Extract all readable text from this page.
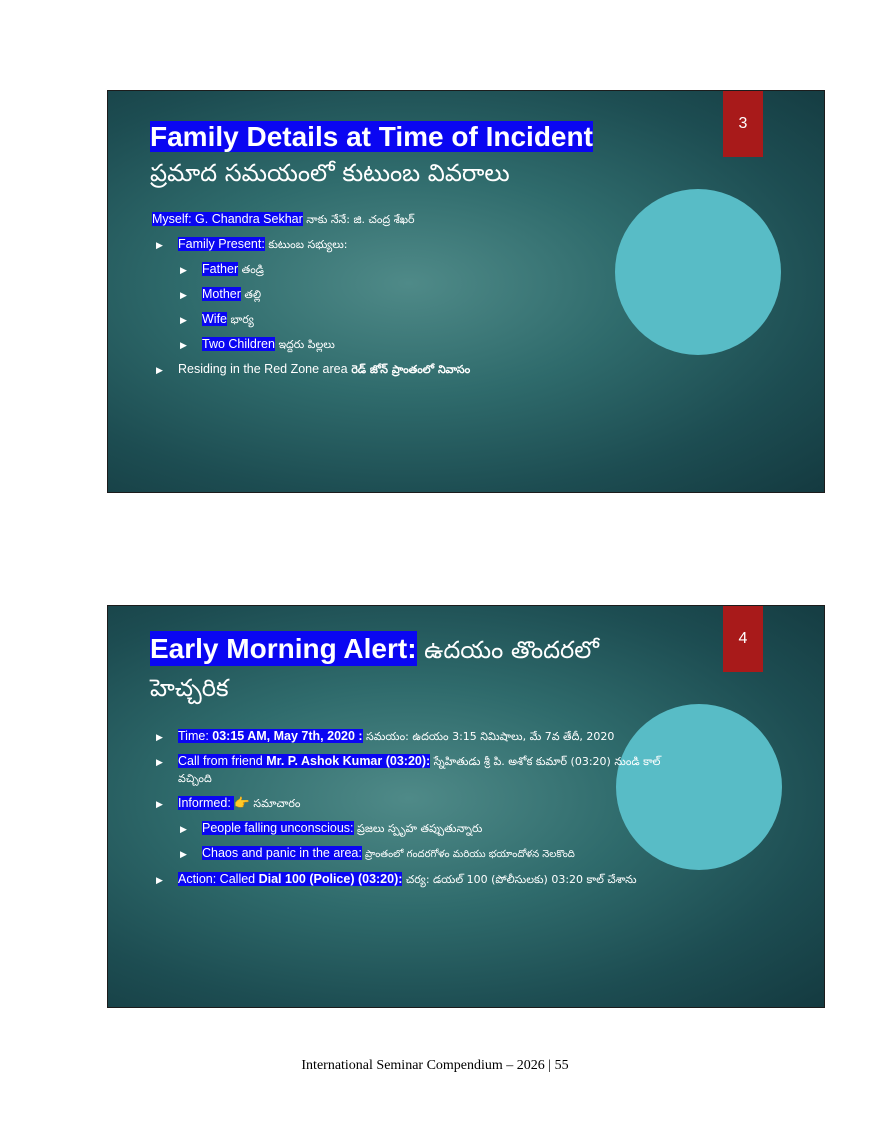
3
Family Details at Time of Incident
ప్రమాద సమయంలో కుటుంబ వివరాలు
Myself: G. Chandra Sekhar నాకు నేనే: జి. చంద్ర శేఖర్
▶ Family Present: కుటుంబ సభ్యులు:
▶ Father తండ్రి
▶ Mother తల్లి
▶ Wife భార్య
▶ Two Children ఇద్దరు పిల్లలు
▶ Residing in the Red Zone area రెడ్ జోన్ ప్రాంతంలో నివాసం
4
Early Morning Alert: ఉదయం తొందరలో
హెచ్చరిక
▶ Time: 03:15 AM, May 7th, 2020 : సమయం: ఉదయం 3:15 నిమిషాలు, మే 7వ తేదీ, 2020
▶ Call from friend Mr. P. Ashok Kumar (03:20): స్నేహితుడు శ్రీ పి. అశోక కుమార్ (03:20) నుండి కాల్ వచ్చింది
▶ Informed: 👉 సమాచారం
▶ People falling unconscious: ప్రజలు స్పృహ తప్పుతున్నారు
▶ Chaos and panic in the area: ప్రాంతంలో గందరగోళం మరియు భయాందోళన నెలకొంది
▶ Action: Called Dial 100 (Police) (03:20): చర్య: డయల్ 100 (పోలీసులకు) 03:20 కాల్ చేశాను
International Seminar Compendium – 2026 | 55
